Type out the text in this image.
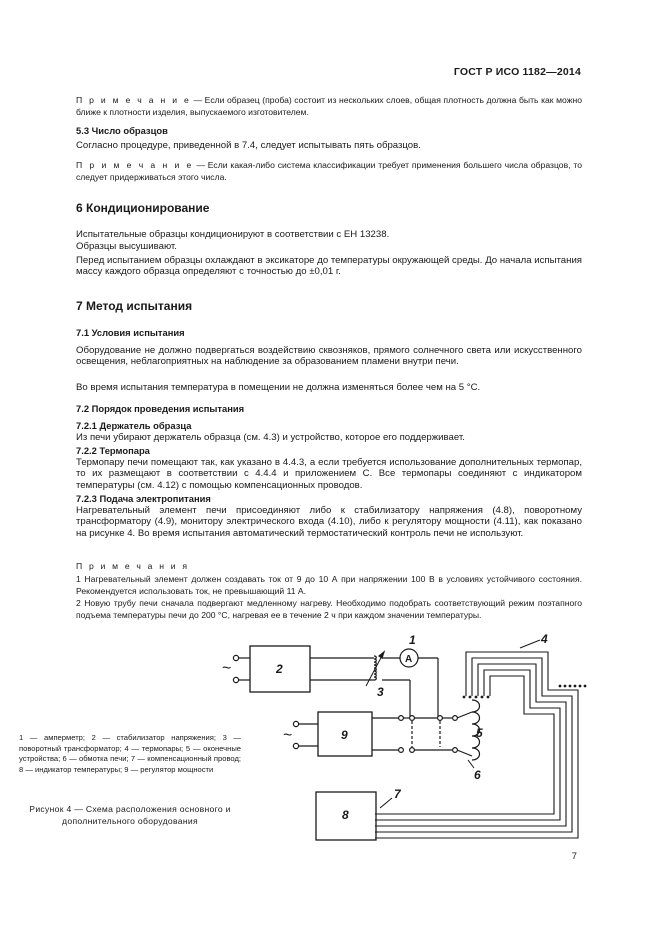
ГОСТ Р ИСО 1182—2014
П р и м е ч а н и е — Если образец (проба) состоит из нескольких слоев, общая плотность должна быть как можно ближе к плотности изделия, выпускаемого изготовителем.
5.3 Число образцов
Согласно процедуре, приведенной в 7.4, следует испытывать пять образцов.
П р и м е ч а н и е — Если какая-либо система классификации требует применения большего числа образцов, то следует придерживаться этого числа.
6 Кондиционирование
Испытательные образцы кондиционируют в соответствии с ЕН 13238.
Образцы высушивают.
Перед испытанием образцы охлаждают в эксикаторе до температуры окружающей среды. До начала испытания массу каждого образца определяют с точностью до ±0,01 г.
7 Метод испытания
7.1 Условия испытания
Оборудование не должно подвергаться воздействию сквозняков, прямого солнечного света или искусственного освещения, неблагоприятных на наблюдение за образованием пламени внутри печи.
Во время испытания температура в помещении не должна изменяться более чем на 5 °С.
7.2 Порядок проведения испытания
7.2.1 Держатель образца
Из печи убирают держатель образца (см. 4.3) и устройство, которое его поддерживает.
7.2.2 Термопара
Термопару печи помещают так, как указано в 4.4.3, а если требуется использование дополнительных термопар, то их размещают в соответствии с 4.4.4 и приложением С. Все термопары соединяют с индикатором температуры (см. 4.12) с помощью компенсационных проводов.
7.2.3 Подача электропитания
Нагревательный элемент печи присоединяют либо к стабилизатору напряжения (4.8), поворотному трансформатору (4.9), монитору электрического входа (4.10), либо к регулятору мощности (4.11), как показано на рисунке 4. Во время испытания автоматический термостатический контроль печи не используют.
П р и м е ч а н и я
1 Нагревательный элемент должен создавать ток от 9 до 10 А при напряжении 100 В в условиях устойчивого состояния. Рекомендуется использовать ток, не превышающий 11 А.
2 Новую трубу печи сначала подвергают медленному нагреву. Необходимо подобрать соответствующий режим поэтапного подъема температуры печи до 200 °С, нагревая ее в течение 2 ч при каждом значении температуры.
2
9
8
1
3
4
5
6
7
A
~
~
1 — амперметр; 2 — стабилизатор напряжения; 3 — поворотный трансформатор; 4 — термопары; 5 — оконечные устройства; 6 — обмотка печи; 7 — компенсационный провод; 8 — индикатор температуры; 9 — регулятор мощности
Рисунок 4 — Схема расположения основного и дополнительного оборудования
7
